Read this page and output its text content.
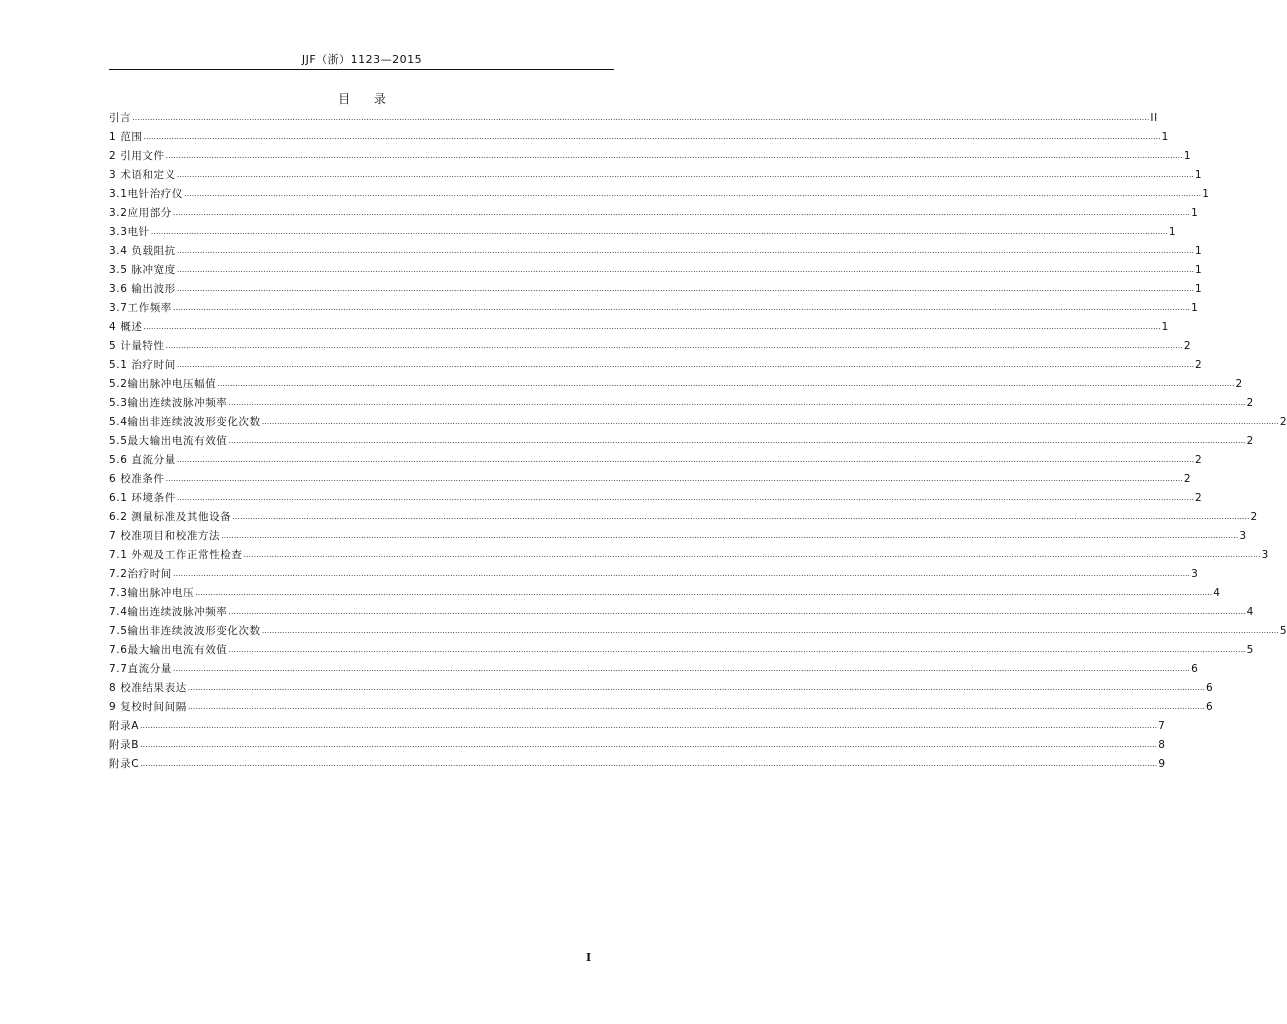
JJF（浙）1123—2015
目 录
引言 ................................................................................................................................................................................................................................................................................................................................................................................................................ II
1 范围 ................................................................................................................................................................................................................................................................................................................................................................................................................ 1
2 引用文件 ................................................................................................................................................................................................................................................................................................................................................................................................................ 1
3 术语和定义 ................................................................................................................................................................................................................................................................................................................................................................................................................ 1
3.1电针治疗仪 ................................................................................................................................................................................................................................................................................................................................................................................................................ 1
3.2应用部分 ................................................................................................................................................................................................................................................................................................................................................................................................................ 1
3.3电针 ................................................................................................................................................................................................................................................................................................................................................................................................................ 1
3.4 负载阻抗 ................................................................................................................................................................................................................................................................................................................................................................................................................ 1
3.5 脉冲宽度 ................................................................................................................................................................................................................................................................................................................................................................................................................ 1
3.6 输出波形 ................................................................................................................................................................................................................................................................................................................................................................................................................ 1
3.7工作频率 ................................................................................................................................................................................................................................................................................................................................................................................................................ 1
4 概述 ................................................................................................................................................................................................................................................................................................................................................................................................................ 1
5 计量特性 ................................................................................................................................................................................................................................................................................................................................................................................................................ 2
5.1 治疗时间 ................................................................................................................................................................................................................................................................................................................................................................................................................ 2
5.2输出脉冲电压幅值 ................................................................................................................................................................................................................................................................................................................................................................................................................ 2
5.3输出连续波脉冲频率 ................................................................................................................................................................................................................................................................................................................................................................................................................ 2
5.4输出非连续波波形变化次数 ................................................................................................................................................................................................................................................................................................................................................................................................................ 2
5.5最大输出电流有效值 ................................................................................................................................................................................................................................................................................................................................................................................................................ 2
5.6 直流分量 ................................................................................................................................................................................................................................................................................................................................................................................................................ 2
6 校准条件 ................................................................................................................................................................................................................................................................................................................................................................................................................ 2
6.1 环境条件 ................................................................................................................................................................................................................................................................................................................................................................................................................ 2
6.2 测量标准及其他设备 ................................................................................................................................................................................................................................................................................................................................................................................................................ 2
7 校准项目和校准方法 ................................................................................................................................................................................................................................................................................................................................................................................................................ 3
7.1 外观及工作正常性检查 ................................................................................................................................................................................................................................................................................................................................................................................................................ 3
7.2治疗时间 ................................................................................................................................................................................................................................................................................................................................................................................................................ 3
7.3输出脉冲电压 ................................................................................................................................................................................................................................................................................................................................................................................................................ 4
7.4输出连续波脉冲频率 ................................................................................................................................................................................................................................................................................................................................................................................................................ 4
7.5输出非连续波波形变化次数 ................................................................................................................................................................................................................................................................................................................................................................................................................ 5
7.6最大输出电流有效值 ................................................................................................................................................................................................................................................................................................................................................................................................................ 5
7.7直流分量 ................................................................................................................................................................................................................................................................................................................................................................................................................ 6
8 校准结果表达 ................................................................................................................................................................................................................................................................................................................................................................................................................ 6
9 复校时间间隔 ................................................................................................................................................................................................................................................................................................................................................................................................................ 6
附录A ................................................................................................................................................................................................................................................................................................................................................................................................................ 7
附录B ................................................................................................................................................................................................................................................................................................................................................................................................................ 8
附录C ................................................................................................................................................................................................................................................................................................................................................................................................................ 9
I
